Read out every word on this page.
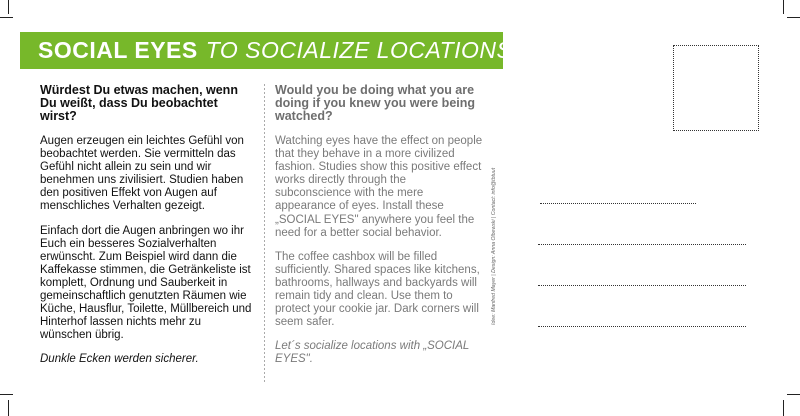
SOCIAL EYES TO SOCIALIZE LOCATIONS
Würdest Du etwas machen, wenn Du weißt, dass Du beobachtet wirst?

Augen erzeugen ein leichtes Gefühl von beobachtet werden. Sie vermitteln das Gefühl nicht allein zu sein und wir benehmen uns zivilisiert. Studien haben den positiven Effekt von Augen auf menschliches Verhalten gezeigt.

Einfach dort die Augen anbringen wo ihr Euch ein besseres Sozialverhalten erwünscht. Zum Beispiel wird dann die Kaffekasse stimmen, die Getränkeliste ist komplett, Ordnung und Sauberkeit in gemeinschaftlich genutzten Räumen wie Küche, Hausflur, Toilette, Müllbereich und Hinterhof lassen nichts mehr zu wünschen übrig.

Dunkle Ecken werden sicherer.

Would you be doing what you are doing if you knew you were being watched?

Watching eyes have the effect on people that they behave in a more civilized fashion. Studies show this positive effect works directly through the subconscience with the mere appearance of eyes. Install these „SOCIAL EYES" anywhere you feel the need for a better social behavior.

The coffee cashbox will be filled sufficiently. Shared spaces like kitchens, bathrooms, hallways and backyards will remain tidy and clean. Use them to protect your cookie jar. Dark corners will seem safer.

Let´s socialize locations with „SOCIAL EYES".

Idee: Manfred Mayer | Design: Anna Olbewski | Contact: info@tbtuut
